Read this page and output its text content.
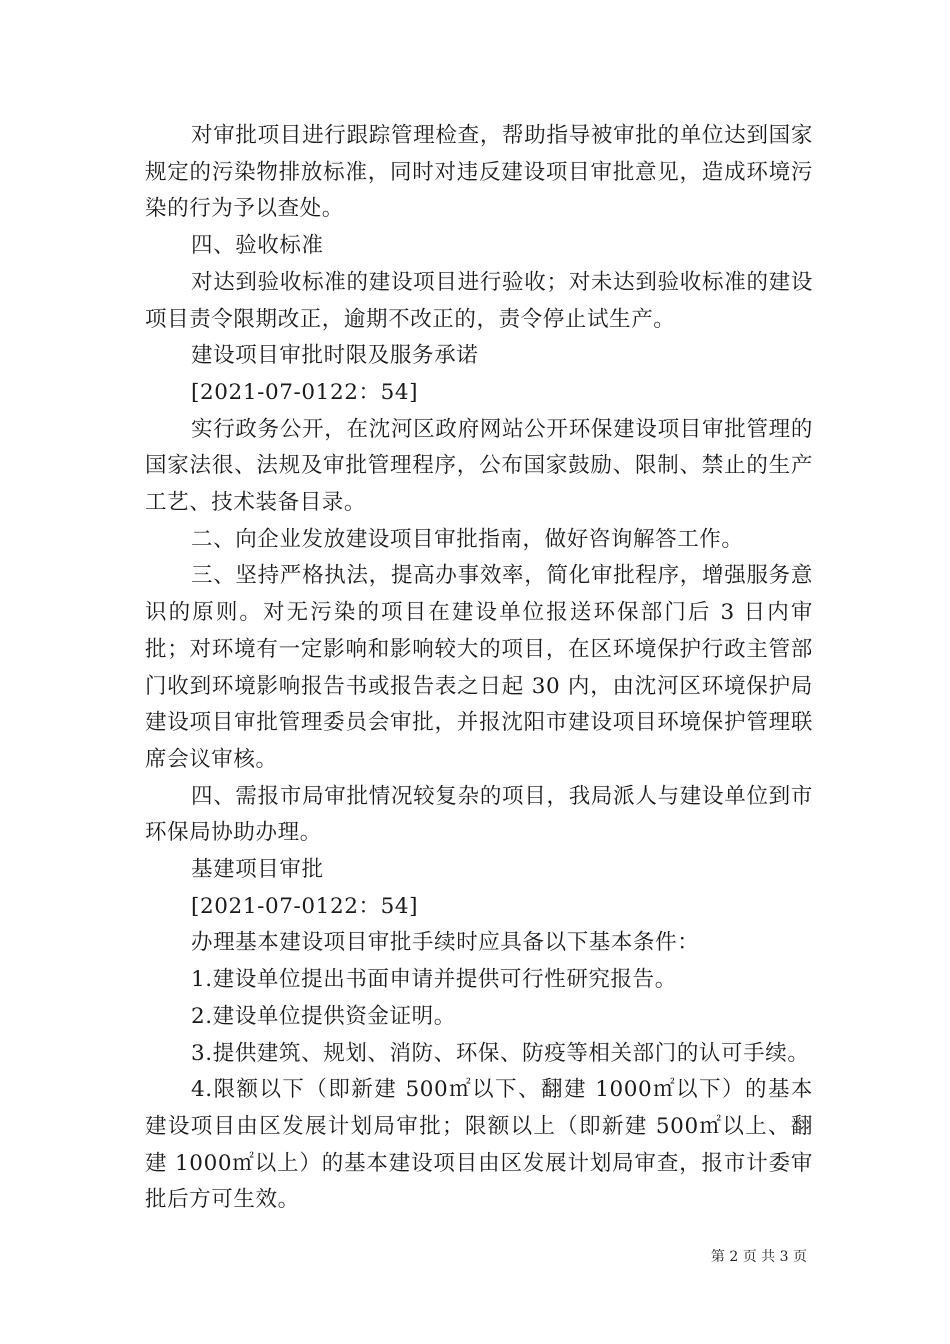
对审批项目进行跟踪管理检查，帮助指导被审批的单位达到国家规定的污染物排放标准，同时对违反建设项目审批意见，造成环境污染的行为予以查处。

四、验收标准

对达到验收标准的建设项目进行验收；对未达到验收标准的建设项目责令限期改正，逾期不改正的，责令停止试生产。

建设项目审批时限及服务承诺

[2021-07-0122：54]

实行政务公开，在沈河区政府网站公开环保建设项目审批管理的国家法很、法规及审批管理程序，公布国家鼓励、限制、禁止的生产工艺、技术装备目录。

二、向企业发放建设项目审批指南，做好咨询解答工作。

三、坚持严格执法，提高办事效率，简化审批程序，增强服务意识的原则。对无污染的项目在建设单位报送环保部门后 3 日内审批；对环境有一定影响和影响较大的项目，在区环境保护行政主管部门收到环境影响报告书或报告表之日起 30 内，由沈河区环境保护局建设项目审批管理委员会审批，并报沈阳市建设项目环境保护管理联席会议审核。

四、需报市局审批情况较复杂的项目，我局派人与建设单位到市环保局协助办理。

基建项目审批

[2021-07-0122：54]

办理基本建设项目审批手续时应具备以下基本条件：

1.建设单位提出书面申请并提供可行性研究报告。

2.建设单位提供资金证明。

3.提供建筑、规划、消防、环保、防疫等相关部门的认可手续。

4.限额以下（即新建 500㎡以下、翻建 1000㎡以下）的基本建设项目由区发展计划局审批；限额以上（即新建 500㎡以上、翻建 1000㎡以上）的基本建设项目由区发展计划局审查，报市计委审批后方可生效。

第 2 页 共 3 页
